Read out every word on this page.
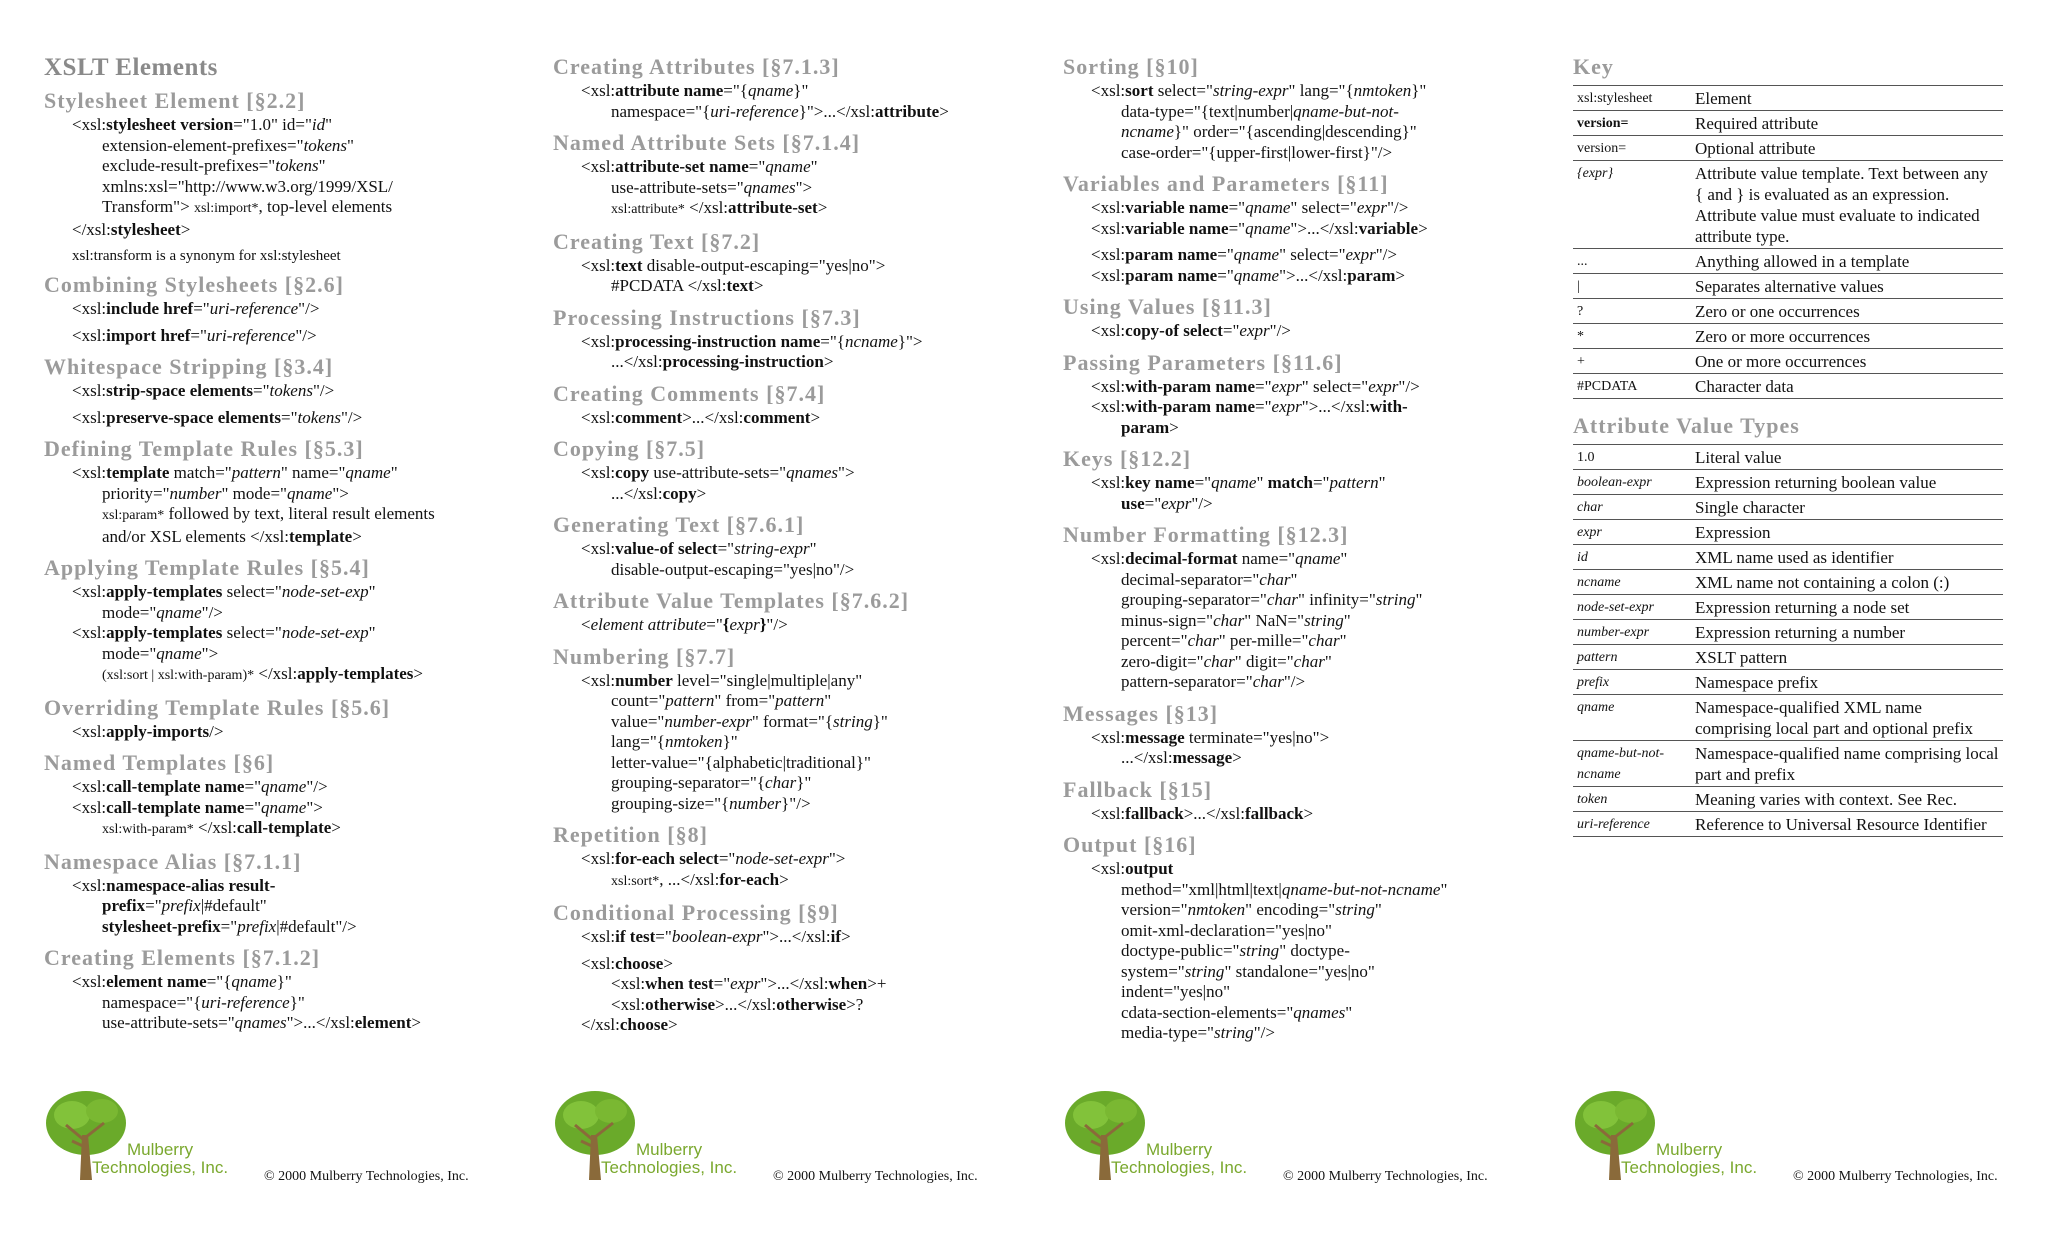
XSLT Elements
Stylesheet Element [§2.2]
<xsl:stylesheet version="1.0" id="id"
extension-element-prefixes="tokens"
exclude-result-prefixes="tokens"
xmlns:xsl="http://www.w3.org/1999/XSL/
Transform"> xsl:import*, top-level elements
</xsl:stylesheet>
xsl:transform is a synonym for xsl:stylesheet
Combining Stylesheets [§2.6]
<xsl:include href="uri-reference"/>
<xsl:import href="uri-reference"/>
Whitespace Stripping [§3.4]
<xsl:strip-space elements="tokens"/>
<xsl:preserve-space elements="tokens"/>
Defining Template Rules [§5.3]
<xsl:template match="pattern" name="qname"
priority="number" mode="qname">
xsl:param* followed by text, literal result elements
and/or XSL elements </xsl:template>
Applying Template Rules [§5.4]
<xsl:apply-templates select="node-set-exp"
mode="qname"/>
<xsl:apply-templates select="node-set-exp"
mode="qname">
(xsl:sort | xsl:with-param)* </xsl:apply-templates>
Overriding Template Rules [§5.6]
<xsl:apply-imports/>
Named Templates [§6]
<xsl:call-template name="qname"/>
<xsl:call-template name="qname">
xsl:with-param* </xsl:call-template>
Namespace Alias [§7.1.1]
<xsl:namespace-alias result-
prefix="prefix|#default"
stylesheet-prefix="prefix|#default"/>
Creating Elements [§7.1.2]
<xsl:element name="{qname}"
namespace="{uri-reference}"
use-attribute-sets="qnames">...</xsl:element>
Creating Attributes [§7.1.3]
<xsl:attribute name="{qname}"
namespace="{uri-reference}">...</xsl:attribute>
Named Attribute Sets [§7.1.4]
<xsl:attribute-set name="qname"
use-attribute-sets="qnames">
xsl:attribute* </xsl:attribute-set>
Creating Text [§7.2]
<xsl:text disable-output-escaping="yes|no">
#PCDATA </xsl:text>
Processing Instructions [§7.3]
<xsl:processing-instruction name="{ncname}">
...</xsl:processing-instruction>
Creating Comments [§7.4]
<xsl:comment>...</xsl:comment>
Copying [§7.5]
<xsl:copy use-attribute-sets="qnames">
...</xsl:copy>
Generating Text [§7.6.1]
<xsl:value-of select="string-expr"
disable-output-escaping="yes|no"/>
Attribute Value Templates [§7.6.2]
<element attribute="{expr}"/>
Numbering [§7.7]
<xsl:number level="single|multiple|any"
count="pattern" from="pattern"
value="number-expr" format="{string}"
lang="{nmtoken}"
letter-value="{alphabetic|traditional}"
grouping-separator="{char}"
grouping-size="{number}"/>
Repetition [§8]
<xsl:for-each select="node-set-expr">
xsl:sort*, ...</xsl:for-each>
Conditional Processing [§9]
<xsl:if test="boolean-expr">...</xsl:if>
<xsl:choose>
<xsl:when test="expr">...</xsl:when>+
<xsl:otherwise>...</xsl:otherwise>?
</xsl:choose>
Sorting [§10]
<xsl:sort select="string-expr" lang="{nmtoken}"
data-type="{text|number|qname-but-not-
ncname}" order="{ascending|descending}"
case-order="{upper-first|lower-first}"/>
Variables and Parameters [§11]
<xsl:variable name="qname" select="expr"/>
<xsl:variable name="qname">...</xsl:variable>
<xsl:param name="qname" select="expr"/>
<xsl:param name="qname">...</xsl:param>
Using Values [§11.3]
<xsl:copy-of select="expr"/>
Passing Parameters [§11.6]
<xsl:with-param name="expr" select="expr"/>
<xsl:with-param name="expr">...</xsl:with-
param>
Keys [§12.2]
<xsl:key name="qname" match="pattern"
use="expr"/>
Number Formatting [§12.3]
<xsl:decimal-format name="qname"
decimal-separator="char"
grouping-separator="char" infinity="string"
minus-sign="char" NaN="string"
percent="char" per-mille="char"
zero-digit="char" digit="char"
pattern-separator="char"/>
Messages [§13]
<xsl:message terminate="yes|no">
...</xsl:message>
Fallback [§15]
<xsl:fallback>...</xsl:fallback>
Output [§16]
<xsl:output
method="xml|html|text|qname-but-not-ncname"
version="nmtoken" encoding="string"
omit-xml-declaration="yes|no"
doctype-public="string" doctype-
system="string" standalone="yes|no"
indent="yes|no"
cdata-section-elements="qnames"
media-type="string"/>
Key
xsl:stylesheet	Element
version=	Required attribute
version=	Optional attribute
{expr}	Attribute value template. Text between any { and } is evaluated as an expression. Attribute value must evaluate to indicated attribute type.
...	Anything allowed in a template
|	Separates alternative values
?	Zero or one occurrences
*	Zero or more occurrences
+	One or more occurrences
#PCDATA	Character data
Attribute Value Types
1.0	Literal value
boolean-expr	Expression returning boolean value
char	Single character
expr	Expression
id	XML name used as identifier
ncname	XML name not containing a colon (:)
node-set-expr	Expression returning a node set
number-expr	Expression returning a number
pattern	XSLT pattern
prefix	Namespace prefix
qname	Namespace-qualified XML name comprising local part and optional prefix
qname-but-not-ncname	Namespace-qualified name comprising local part and prefix
token	Meaning varies with context. See Rec.
uri-reference	Reference to Universal Resource Identifier
Mulberry
Technologies, Inc.	© 2000 Mulberry Technologies, Inc.
Mulberry
Technologies, Inc.	© 2000 Mulberry Technologies, Inc.
Mulberry
Technologies, Inc.	© 2000 Mulberry Technologies, Inc.
Mulberry
Technologies, Inc.	© 2000 Mulberry Technologies, Inc.
